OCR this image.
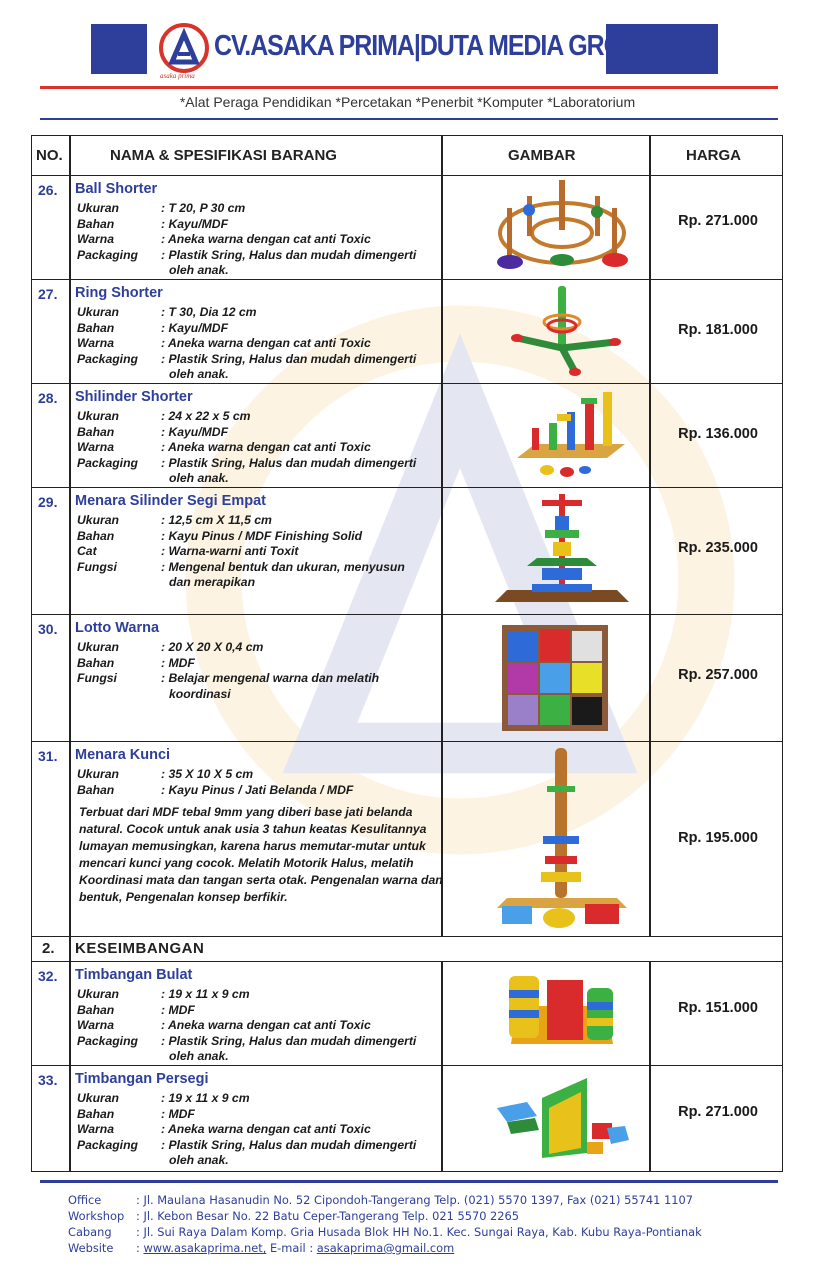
asaka prima
CV.ASAKA PRIMA|DUTA MEDIA GROUP
*Alat Peraga Pendidikan *Percetakan *Penerbit *Komputer *Laboratorium
NO.	NAMA & SPESIFIKASI BARANG	GAMBAR	HARGA
26. Ball Shorter
Ukuran	: T 20, P 30 cm
Bahan	: Kayu/MDF
Warna	: Aneka warna dengan cat anti Toxic
Packaging	: Plastik Sring, Halus dan mudah dimengerti
oleh anak.
Rp. 271.000
27. Ring Shorter
Ukuran	: T 30, Dia 12 cm
Bahan	: Kayu/MDF
Warna	: Aneka warna dengan cat anti Toxic
Packaging	: Plastik Sring, Halus dan mudah dimengerti
oleh anak.
Rp. 181.000
28. Shilinder Shorter
Ukuran	: 24 x 22 x 5 cm
Bahan	: Kayu/MDF
Warna	: Aneka warna dengan cat anti Toxic
Packaging	: Plastik Sring, Halus dan mudah dimengerti
oleh anak.
Rp. 136.000
29. Menara Silinder Segi Empat
Ukuran	: 12,5 cm X 11,5 cm
Bahan	: Kayu Pinus / MDF Finishing Solid
Cat	: Warna-warni anti Toxit
Fungsi	: Mengenal bentuk dan ukuran, menyusun
dan merapikan
Rp. 235.000
30. Lotto Warna
Ukuran	: 20 X 20 X 0,4 cm
Bahan	: MDF
Fungsi	: Belajar mengenal warna dan melatih
koordinasi
Rp. 257.000
31. Menara Kunci
Ukuran	: 35 X 10 X 5 cm
Bahan	: Kayu Pinus / Jati Belanda / MDF
Terbuat dari MDF tebal 9mm yang diberi base jati belanda natural. Cocok untuk anak usia 3 tahun keatas Kesulitannya lumayan memusingkan, karena harus memutar-mutar untuk mencari kunci yang cocok. Melatih Motorik Halus, melatih Koordinasi mata dan tangan serta otak. Pengenalan warna dan bentuk, Pengenalan konsep berfikir.
Rp. 195.000
2. KESEIMBANGAN
32. Timbangan Bulat
Ukuran	: 19 x 11 x 9 cm
Bahan	: MDF
Warna	: Aneka warna dengan cat anti Toxic
Packaging	: Plastik Sring, Halus dan mudah dimengerti
oleh anak.
Rp. 151.000
33. Timbangan Persegi
Ukuran	: 19 x 11 x 9 cm
Bahan	: MDF
Warna	: Aneka warna dengan cat anti Toxic
Packaging	: Plastik Sring, Halus dan mudah dimengerti
oleh anak.
Rp. 271.000
Office	: Jl. Maulana Hasanudin No. 52 Cipondoh-Tangerang Telp. (021) 5570 1397, Fax (021) 55741 1107
Workshop	: Jl. Kebon Besar No. 22 Batu Ceper-Tangerang Telp. 021 5570 2265
Cabang	: Jl. Sui Raya Dalam Komp. Gria Husada Blok HH No.1. Kec. Sungai Raya, Kab. Kubu Raya-Pontianak
Website	: www.asakaprima.net, E-mail : asakaprima@gmail.com
